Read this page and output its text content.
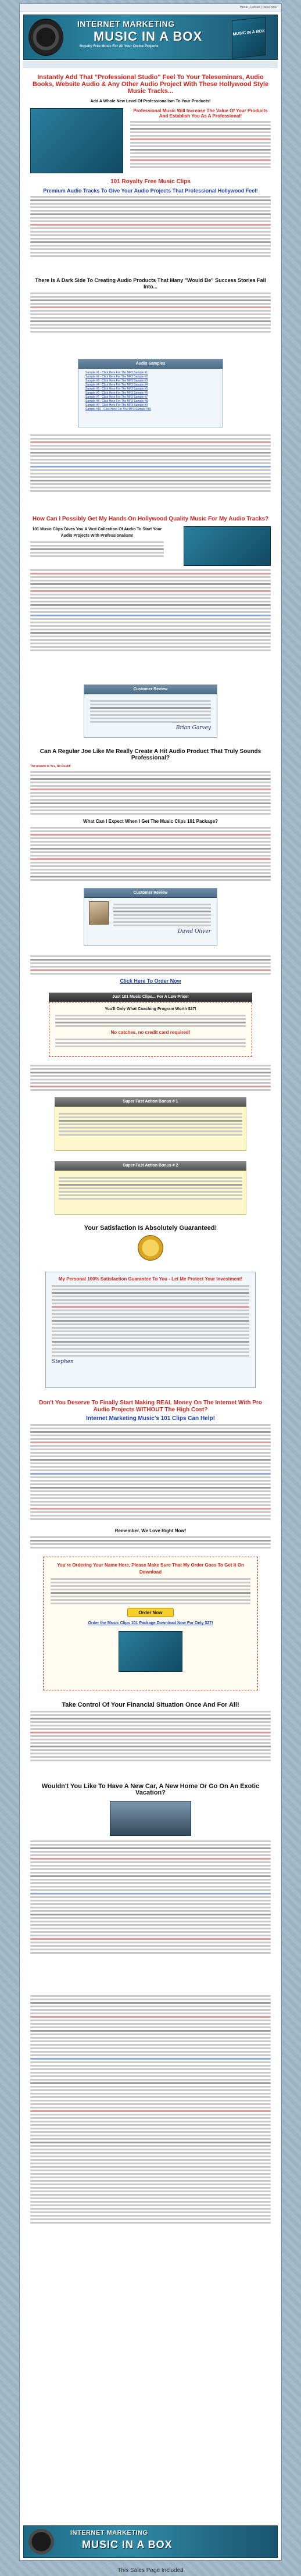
Home | Contact | Order Now
INTERNET MARKETING
MUSIC IN A BOX
Royalty Free Music For All Your Online Projects
MUSIC IN A BOX
Instantly Add That "Professional Studio" Feel To Your Teleseminars, Audio Books, Website Audio & Any Other Audio Project With These Hollywood Style Music Tracks...
Add A Whole New Level Of Professionalism To Your Products!
Professional Music Will Increase The Value Of Your Products And Establish You As A Professional!
101 Royalty Free Music Clips
Premium Audio Tracks To Give Your Audio Projects That Professional Hollywood Feel!
There Is A Dark Side To Creating Audio Products That Many "Would Be" Success Stories Fall Into...
Audio Samples
Sample #1 - Click Here For The MP3 Sample #1
Sample #2 - Click Here For The MP3 Sample #2
Sample #3 - Click Here For The MP3 Sample #3
Sample #4 - Click Here For The MP3 Sample #4
Sample #5 - Click Here For The MP3 Sample #5
Sample #6 - Click Here For The MP3 Sample #6
Sample #7 - Click Here For The MP3 Sample #7
Sample #8 - Click Here For The MP3 Sample #8
Sample #9 - Click Here For The MP3 Sample #9
Sample #10 - Click Here For The MP3 Sample #10
How Can I Possibly Get My Hands On Hollywood Quality Music For My Audio Tracks?
101 Music Clips Gives You A Vast Collection Of Audio To Start Your Audio Projects With Professionalism!
Customer Review
Brian Garvey
Can A Regular Joe Like Me Really Create A Hit Audio Product That Truly Sounds Professional?
The answer is Yes, No Doubt!
What Can I Expect When I Get The Music Clips 101 Package?
Customer Review
David Oliver
Click Here To Order Now
Just 101 Music Clips... For A Low Price!
You'll Only What Coaching Program Worth $27!
No catches, no credit card required!
Super Fast Action Bonus # 1
Super Fast Action Bonus # 2
Your Satisfaction Is Absolutely Guaranteed!
My Personal 100% Satisfaction Guarantee To You - Let Me Protect Your Investment!
Stephen
Don't You Deserve To Finally Start Making REAL Money On The Internet With Pro Audio Projects WITHOUT The High Cost?
Internet Marketing Music's 101 Clips Can Help!
Remember, We Love Right Now!
You're Ordering Your Name Here, Please Make Sure That My Order Goes To Get It On Download
Order Now
Order the Music Clips 101 Package Download Now For Only $27!
Take Control Of Your Financial Situation Once And For All!
Wouldn't You Like To Have A New Car, A New Home Or Go On An Exotic Vacation?
INTERNET MARKETING
MUSIC IN A BOX
This Sales Page Included
